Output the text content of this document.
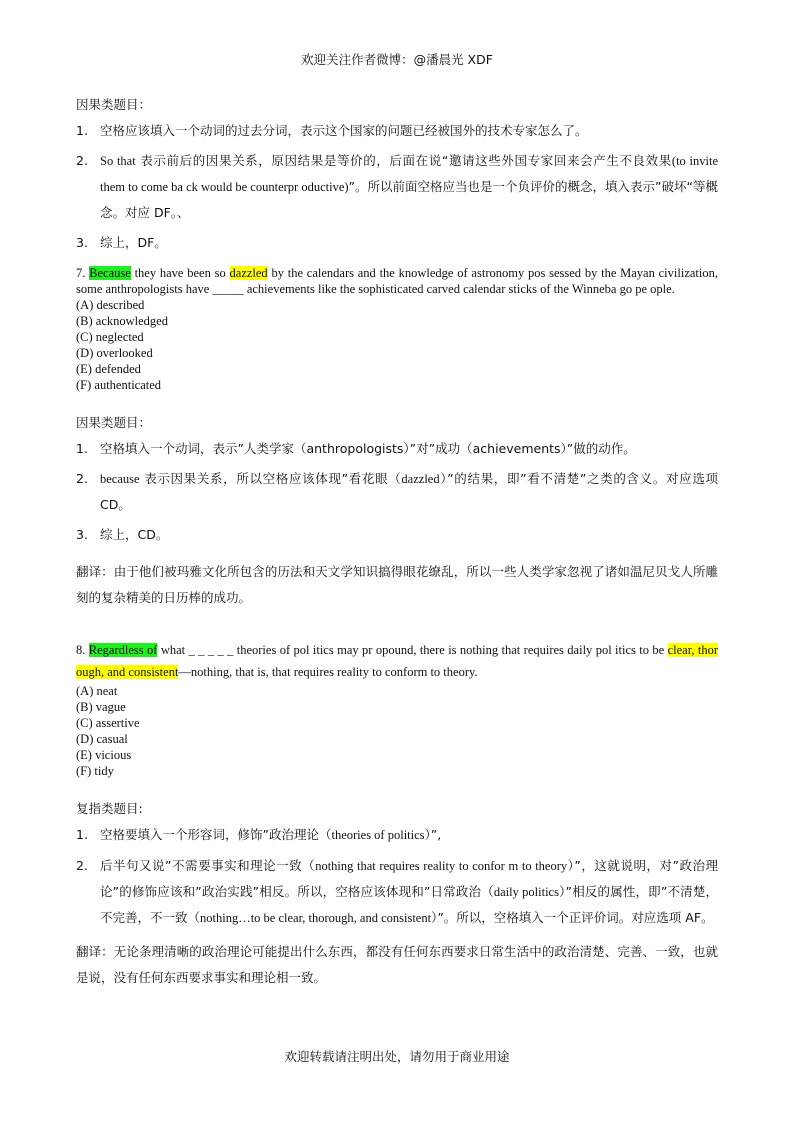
欢迎关注作者微博：@潘晨光 XDF
因果类题目：
1. 空格应该填入一个动词的过去分词，表示这个国家的问题已经被国外的技术专家怎么了。
2. So that 表示前后的因果关系，原因结果是等价的，后面在说“邀请这些外国专家回来会产生不良效果(to invite them to come ba ck would be counterpr oductive)”。所以前面空格应当也是一个负评价的概念，填入表示”破坏“等概念。对应 DF。、
3. 综上，DF。
7. Because they have been so dazzled by the calendars and the knowledge of astronomy pos sessed by the Mayan civilization, some anthropologists have _____ achievements like the sophisticated carved calendar sticks of the Winneba go pe ople.
(A) described
(B) acknowledged
(C) neglected
(D) overlooked
(E) defended
(F) authenticated
因果类题目：
1. 空格填入一个动词，表示”人类学家（anthropologists）”对”成功（achievements）”做的动作。
2. because 表示因果关系，所以空格应该体现”看花眼（dazzled）”的结果，即”看不清楚”之类的含义。对应选项 CD。
3. 综上，CD。
翻译：由于他们被玛雅文化所包含的历法和天文学知识搞得眼花缭乱，所以一些人类学家忽视了诸如温尼贝戈人所雕刻的复杂精美的日历棒的成功。
8. Regardless of what _ _ _ _ _ theories of pol itics may pr opound, there is nothing that requires daily pol itics to be clear, thor ough, and consistent—nothing, that is, that requires reality to conform to theory.
(A) neat
(B) vague
(C) assertive
(D) casual
(E) vicious
(F) tidy
复指类题目:
1. 空格要填入一个形容词，修饰”政治理论（theories of politics）”,
2. 后半句又说”不需要事实和理论一致（nothing that requires reality to confor m to theory）”，这就说明，对”政治理论”的修饰应该和”政治实践”相反。所以，空格应该体现和”日常政治（daily politics）”相反的属性，即”不清楚，不完善，不一致（nothing…to be clear, thorough, and consistent）”。所以，空格填入一个正评价词。对应选项 AF。
翻译：无论条理清晰的政治理论可能提出什么东西，都没有任何东西要求日常生活中的政治清楚、完善、一致，也就是说，没有任何东西要求事实和理论相一致。
欢迎转载请注明出处，请勿用于商业用途
